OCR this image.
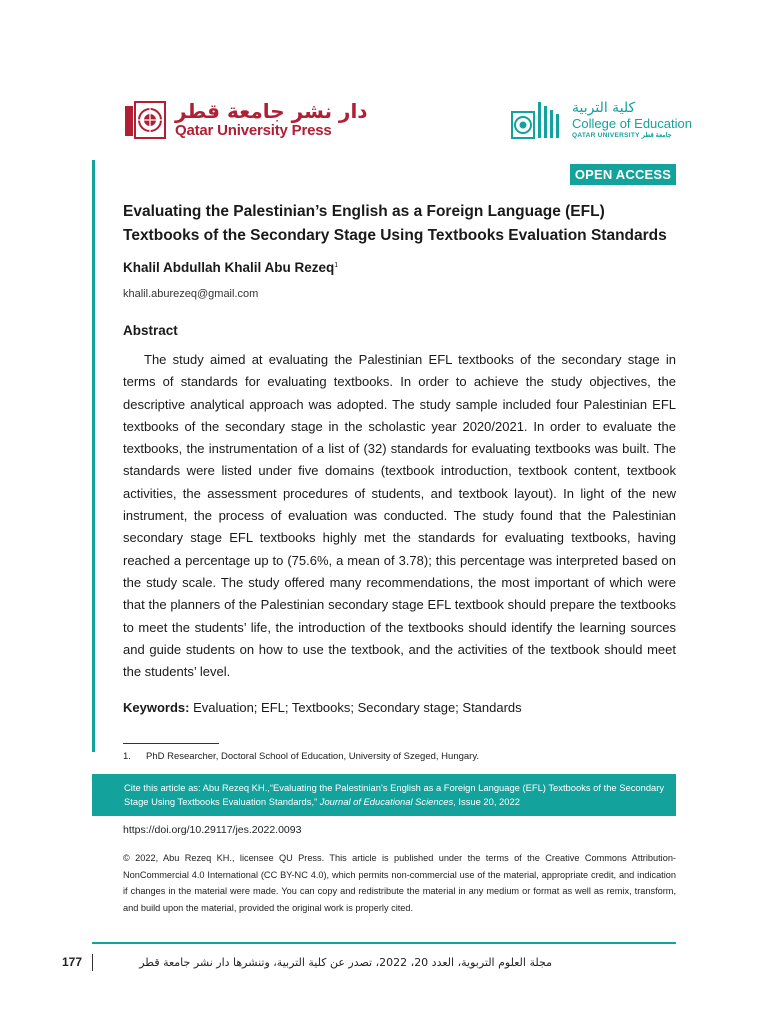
دار نشر جامعة قطر
Qatar University Press
كلية التربية
College of Education
QATAR UNIVERSITY جامعة قطر
OPEN ACCESS
Evaluating the Palestinian’s English as a Foreign Language (EFL) Textbooks of the Secondary Stage Using Textbooks Evaluation Standards
Khalil Abdullah Khalil Abu Rezeq$^1$
khalil.aburezeq@gmail.com
Abstract

The study aimed at evaluating the Palestinian EFL textbooks of the secondary stage in terms of standards for evaluating textbooks. In order to achieve the study objectives, the descriptive analytical approach was adopted. The study sample included four Palestinian EFL textbooks of the secondary stage in the scholastic year 2020/2021. In order to evaluate the textbooks, the instrumentation of a list of (32) standards for evaluating textbooks was built. The standards were listed under five domains (textbook introduction, textbook content, textbook activities, the assessment procedures of students, and textbook layout). In light of the new instrument, the process of evaluation was conducted. The study found that the Palestinian secondary stage EFL textbooks highly met the standards for evaluating textbooks, having reached a percentage up to (75.6%, a mean of 3.78); this percentage was interpreted based on the study scale. The study offered many recommendations, the most important of which were that the planners of the Palestinian secondary stage EFL textbook should prepare the textbooks to meet the students’ life, the introduction of the textbooks should identify the learning sources and guide students on how to use the textbook, and the activities of the textbook should meet the students’ level.

Keywords: Evaluation; EFL; Textbooks; Secondary stage; Standards

1. PhD Researcher, Doctoral School of Education, University of Szeged, Hungary.
Cite this article as: Abu Rezeq KH.,“Evaluating the Palestinian’s English as a Foreign Language (EFL) Textbooks of the Secondary Stage Using Textbooks Evaluation Standards,” Journal of Educational Sciences, Issue 20, 2022
https://doi.org/10.29117/jes.2022.0093

© 2022, Abu Rezeq KH., licensee QU Press. This article is published under the terms of the Creative Commons Attribution-NonCommercial 4.0 International (CC BY-NC 4.0), which permits non-commercial use of the material, appropriate credit, and indication if changes in the material were made. You can copy and redistribute the material in any medium or format as well as remix, transform, and build upon the material, provided the original work is properly cited.

177	مجلة العلوم التربوية، العدد 20، 2022، تصدر عن كلية التربية، وتنشرها دار نشر جامعة قطر
